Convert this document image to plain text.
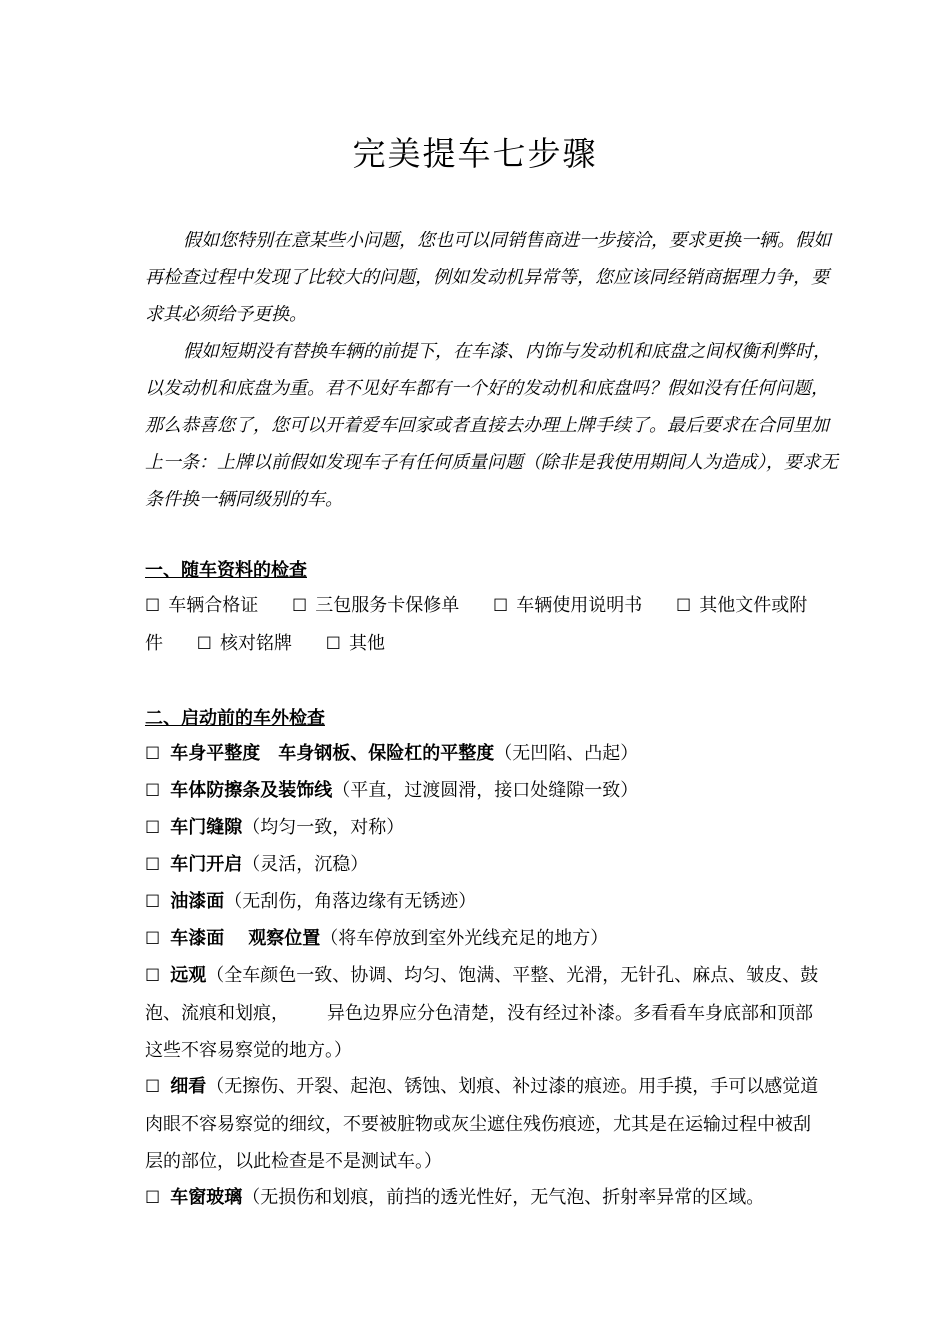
完美提车七步骤

假如您特别在意某些小问题，您也可以同销售商进一步接洽，要求更换一辆。假如再检查过程中发现了比较大的问题，例如发动机异常等，您应该同经销商据理力争，要求其必须给予更换。

假如短期没有替换车辆的前提下，在车漆、内饰与发动机和底盘之间权衡利弊时，以发动机和底盘为重。君不见好车都有一个好的发动机和底盘吗？假如没有任何问题，那么恭喜您了，您可以开着爱车回家或者直接去办理上牌手续了。最后要求在合同里加上一条：上牌以前假如发现车子有任何质量问题（除非是我使用期间人为造成），要求无条件换一辆同级别的车。

一、随车资料的检查

☐ 车辆合格证 ☐ 三包服务卡保修单 ☐ 车辆使用说明书 ☐ 其他文件或附件 ☐ 核对铭牌 ☐ 其他

二、启动前的车外检查

☐ 车身平整度 车身钢板、保险杠的平整度（无凹陷、凸起）

☐ 车体防擦条及装饰线（平直，过渡圆滑，接口处缝隙一致）

☐ 车门缝隙（均匀一致，对称）

☐ 车门开启（灵活，沉稳）

☐ 油漆面（无刮伤，角落边缘有无锈迹）

☐ 车漆面 观察位置（将车停放到室外光线充足的地方）

☐ 远观（全车颜色一致、协调、均匀、饱满、平整、光滑，无针孔、麻点、皱皮、鼓泡、流痕和划痕， 异色边界应分色清楚，没有经过补漆。多看看车身底部和顶部这些不容易察觉的地方。）

☐ 细看（无擦伤、开裂、起泡、锈蚀、划痕、补过漆的痕迹。用手摸，手可以感觉道肉眼不容易察觉的细纹，不要被脏物或灰尘遮住残伤痕迹，尤其是在运输过程中被刮层的部位，以此检查是不是测试车。）

☐ 车窗玻璃（无损伤和划痕，前挡的透光性好，无气泡、折射率异常的区域。
